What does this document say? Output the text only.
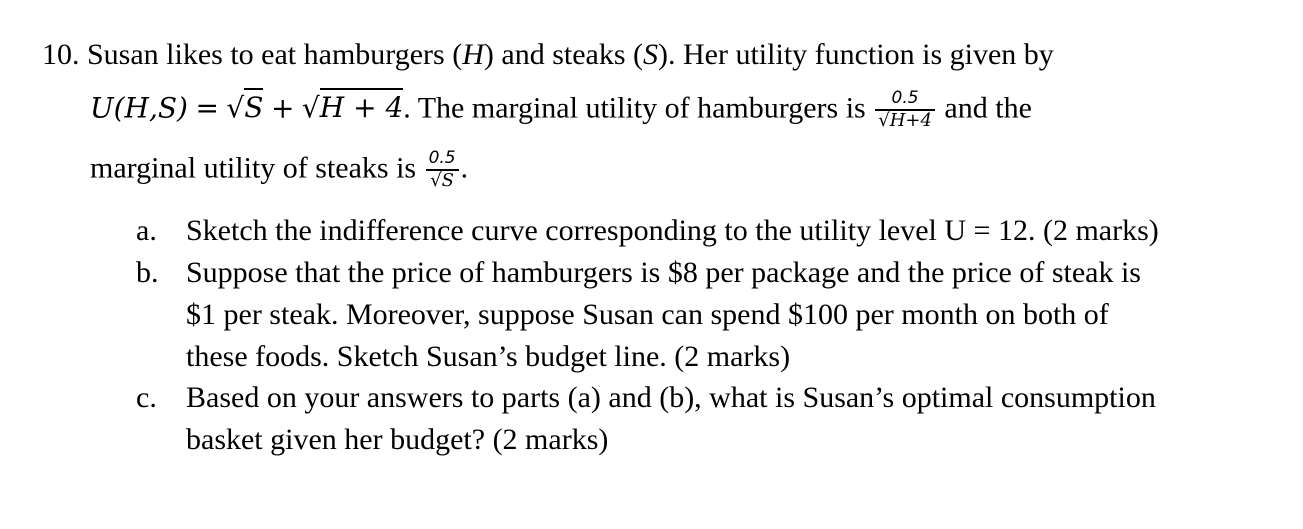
10. Susan likes to eat hamburgers (H) and steaks (S). Her utility function is given by
U(H,S) = √S + √H + 4. The marginal utility of hamburgers is $\frac{0.5}{√H+4}$ and the
marginal utility of steaks is $\frac{0.5}{√S}$ .
a. Sketch the indifference curve corresponding to the utility level U = 12. (2 marks)
b. Suppose that the price of hamburgers is $8 per package and the price of steak is
$1 per steak. Moreover, suppose Susan can spend $100 per month on both of
these foods. Sketch Susan’s budget line. (2 marks)
c. Based on your answers to parts (a) and (b), what is Susan’s optimal consumption
basket given her budget? (2 marks)
